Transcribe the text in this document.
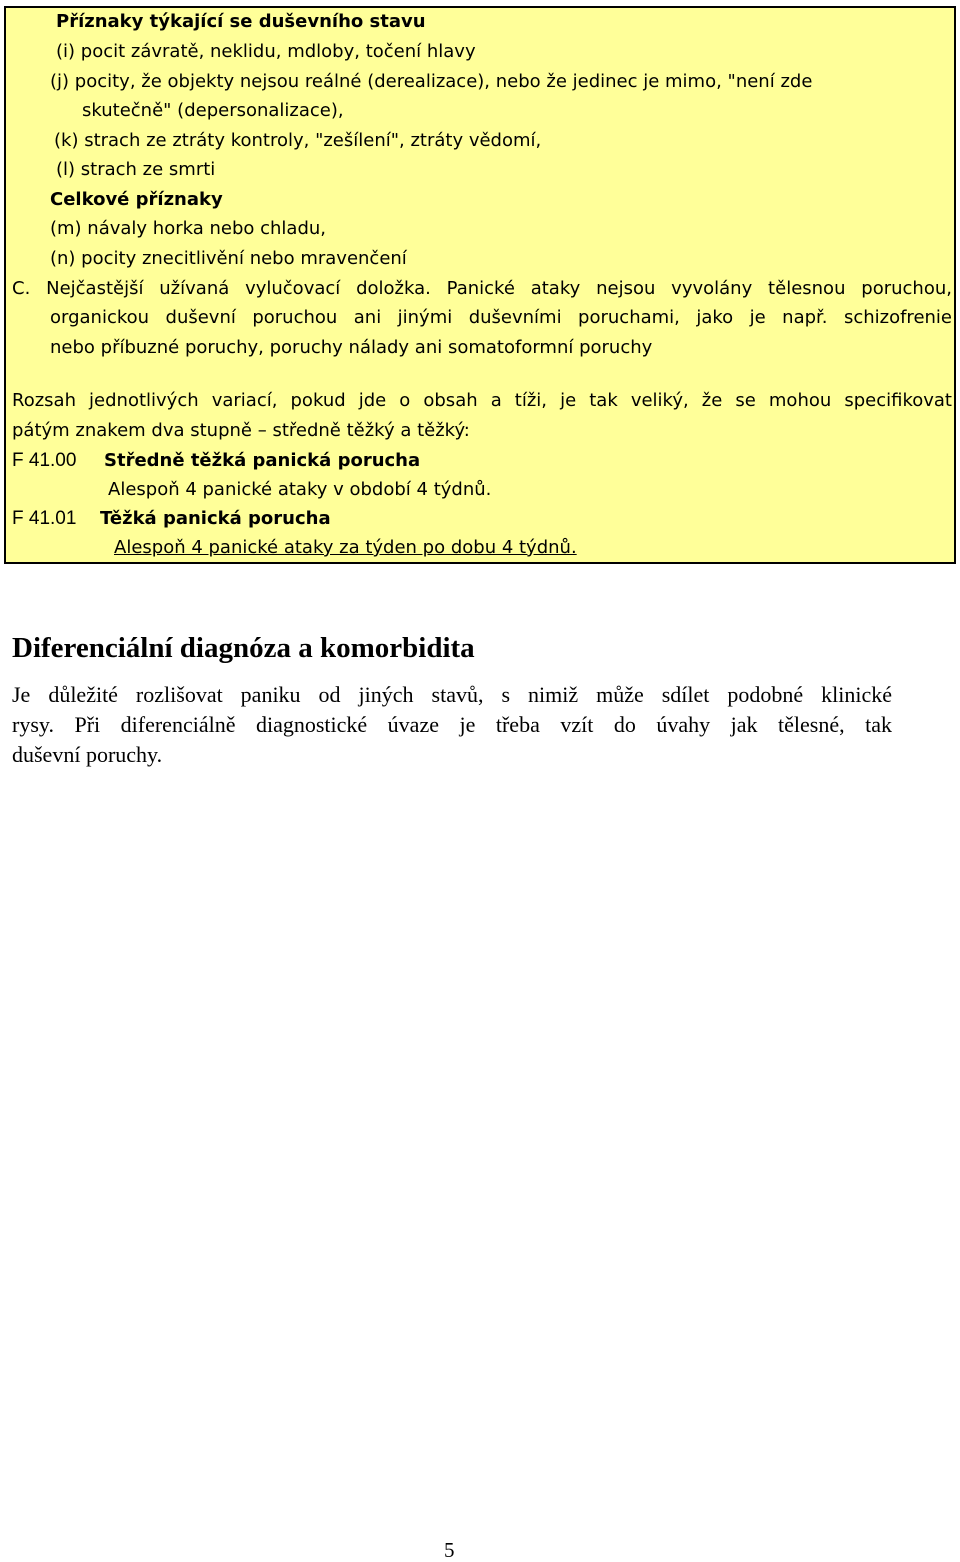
Příznaky týkající se duševního stavu
(i) pocit závratě, neklidu, mdloby, točení hlavy
(j) pocity, že objekty nejsou reálné (derealizace), nebo že jedinec je mimo, "není zde
skutečně" (depersonalizace),
(k) strach ze ztráty kontroly, "zešílení", ztráty vědomí,
(l) strach ze smrti
Celkové příznaky
(m) návaly horka nebo chladu,
(n) pocity znecitlivění nebo mravenčení
C. Nejčastější užívaná vylučovací doložka. Panické ataky nejsou vyvolány tělesnou poruchou,
organickou duševní poruchou ani jinými duševními poruchami, jako je např. schizofrenie
nebo příbuzné poruchy, poruchy nálady ani somatoformní poruchy
Rozsah jednotlivých variací, pokud jde o obsah a tíži, je tak veliký, že se mohou specifikovat
pátým znakem dva stupně – středně těžký a těžký:
F 41.00 Středně těžká panická porucha
Alespoň 4 panické ataky v období 4 týdnů.
F 41.01 Těžká panická porucha
Alespoň 4 panické ataky za týden po dobu 4 týdnů.
Diferenciální diagnóza a komorbidita
Je důležité rozlišovat paniku od jiných stavů, s nimiž může sdílet podobné klinické
rysy. Při diferenciálně diagnostické úvaze je třeba vzít do úvahy jak tělesné, tak
duševní poruchy.
5
